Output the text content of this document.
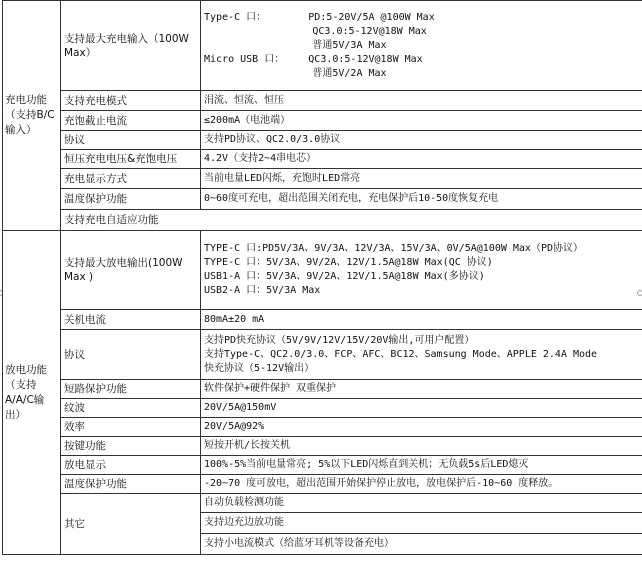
充电功能（支持B/C输入）	支持最大充电输入（100W Max）	Type-C 口：       PD:5-20V/5A @100W Max
QC3.0:5-12V@18W Max
普通5V/3A Max
Micro USB 口：    QC3.0:5-12V@18W Max
普通5V/2A Max

	支持充电模式	涓流、恒流、恒压

	充饱截止电流	≤200mA（电池端）

	协议	支持PD协议、QC2.0/3.0协议

	恒压充电电压&充饱电压	4.2V（支持2~4串电芯）

	充电显示方式	当前电量LED闪烁，充饱时LED常亮

	温度保护功能	0~60度可充电，超出范围关闭充电，充电保护后10-50度恢复充电

	支持充电自适应功能	
放电功能（支持A/A/C输出）	支持最大放电输出(100W Max )	TYPE-C 口:PD5V/3A、9V/3A、12V/3A、15V/3A、0V/5A@100W Max（PD协议）
TYPE-C 口：5V/3A、9V/2A、12V/1.5A@18W Max(QC 协议)
USB1-A 口：5V/3A、9V/2A、12V/1.5A@18W Max(多协议)
USB2-A 口：5V/3A Max

	关机电流	80mA±20 mA

	协议	支持PD快充协议（5V/9V/12V/15V/20V输出,可用户配置）
支持Type-C、QC2.0/3.0、FCP、AFC、BC12、Samsung Mode、APPLE 2.4A Mode
快充协议（5-12V输出）

	短路保护功能	软件保护+硬件保护 双重保护

	纹波	20V/5A@150mV

	效率	20V/5A@92%

	按键功能	短按开机/长按关机

	放电显示	100%-5%当前电量常亮; 5%以下LED闪烁直到关机；无负载5s后LED熄灭

	温度保护功能	-20~70 度可放电，超出范围开始保护停止放电，放电保护后-10~60 度释放。

	其它	自动负载检测功能
		支持边充边放功能
		支持小电流模式（给蓝牙耳机等设备充电）
